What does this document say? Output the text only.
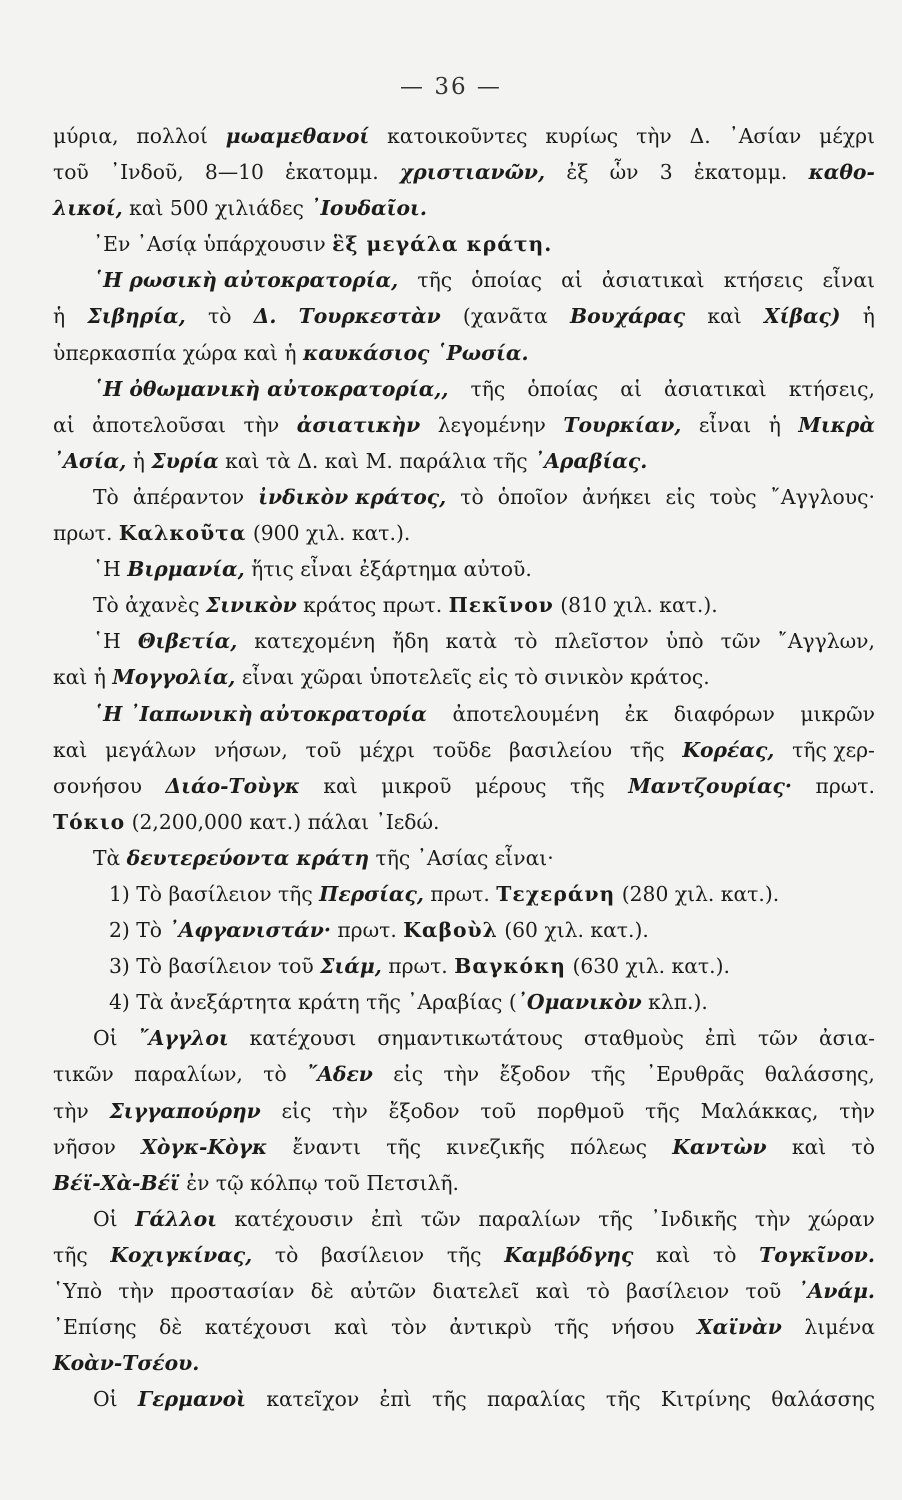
— 36 —
μύρια, πολλοί μωαμεθανοί κατοικοῦντες κυρίως τὴν Δ. ᾿Ασίαν μέχρι
τοῦ ᾿Ινδοῦ, 8—10 ἑκατομμ. χριστιανῶν, ἐξ ὧν 3 ἑκατομμ. καθο-
λικοί, καὶ 500 χιλιάδες ᾿Ιουδαῖοι.
᾿Εν ᾿Ασίᾳ ὑπάρχουσιν ἓξ μεγάλα κράτη.
῾Η ρωσικὴ αὐτοκρατορία, τῆς ὁποίας αἱ ἀσιατικαὶ κτήσεις εἶναι
ἡ Σιβηρία, τὸ Δ. Τουρκεστὰν (χανᾶτα Βουχάρας καὶ Χίβας) ἡ
ὑπερκασπία χώρα καὶ ἡ καυκάσιος ῾Ρωσία.
῾Η ὀθωμανικὴ αὐτοκρατορία,, τῆς ὁποίας αἱ ἀσιατικαὶ κτήσεις,
αἱ ἀποτελοῦσαι τὴν ἀσιατικὴν λεγομένην Τουρκίαν, εἶναι ἡ Μικρὰ
᾿Ασία, ἡ Συρία καὶ τὰ Δ. καὶ Μ. παράλια τῆς ᾿Αραβίας.
Τὸ ἀπέραντον ἰνδικὸν κράτος, τὸ ὁποῖον ἀνήκει εἰς τοὺς ῎Αγγλους·
πρωτ. Καλκοῦτα (900 χιλ. κατ.).
῾Η Βιρμανία, ἥτις εἶναι ἐξάρτημα αὐτοῦ.
Τὸ ἀχανὲς Σινικὸν κράτος πρωτ. Πεκῖνον (810 χιλ. κατ.).
῾Η Θιβετία, κατεχομένη ἤδη κατὰ τὸ πλεῖστον ὑπὸ τῶν ῎Αγγλων,
καὶ ἡ Μογγολία, εἶναι χῶραι ὑποτελεῖς εἰς τὸ σινικὸν κράτος.
῾Η ᾿Ιαπωνικὴ αὐτοκρατορία ἀποτελουμένη ἐκ διαφόρων μικρῶν
καὶ μεγάλων νήσων, τοῦ μέχρι τοῦδε βασιλείου τῆς Κορέας, τῆς χερ-
σονήσου Διάο-Τοὺγκ καὶ μικροῦ μέρους τῆς Μαντζουρίας· πρωτ.
Τόκιο (2,200,000 κατ.) πάλαι ᾿Ιεδώ.
Τὰ δευτερεύοντα κράτη τῆς ᾿Ασίας εἶναι·
1) Τὸ βασίλειον τῆς Περσίας, πρωτ. Τεχεράνη (280 χιλ. κατ.).
2) Τὸ ᾿Αφγανιστάν· πρωτ. Καβοὺλ (60 χιλ. κατ.).
3) Τὸ βασίλειον τοῦ Σιάμ, πρωτ. Βαγκόκη (630 χιλ. κατ.).
4) Τὰ ἀνεξάρτητα κράτη τῆς ᾿Αραβίας (᾿Ομανικὸν κλπ.).
Οἱ ῎Αγγλοι κατέχουσι σημαντικωτάτους σταθμοὺς ἐπὶ τῶν ἀσια-
τικῶν παραλίων, τὸ ῎Αδεν εἰς τὴν ἔξοδον τῆς ᾿Ερυθρᾶς θαλάσσης,
τὴν Σιγγαπούρην εἰς τὴν ἔξοδον τοῦ πορθμοῦ τῆς Μαλάκκας, τὴν
νῆσον Χὸγκ-Κὸγκ ἔναντι τῆς κινεζικῆς πόλεως Καντὼν καὶ τὸ
Βέϊ-Χὰ-Βέϊ ἐν τῷ κόλπῳ τοῦ Πετσιλῆ.
Οἱ Γάλλοι κατέχουσιν ἐπὶ τῶν παραλίων τῆς ᾿Ινδικῆς τὴν χώραν
τῆς Κοχιγκίνας, τὸ βασίλειον τῆς Καμβόδγης καὶ τὸ Τογκῖνον.
῾Υπὸ τὴν προστασίαν δὲ αὐτῶν διατελεῖ καὶ τὸ βασίλειον τοῦ ᾿Ανάμ.
᾿Επίσης δὲ κατέχουσι καὶ τὸν ἀντικρὺ τῆς νήσου Χαϊνὰν λιμένα
Κοὰν-Τσέου.
Οἱ Γερμανοὶ κατεῖχον ἐπὶ τῆς παραλίας τῆς Κιτρίνης θαλάσσης
